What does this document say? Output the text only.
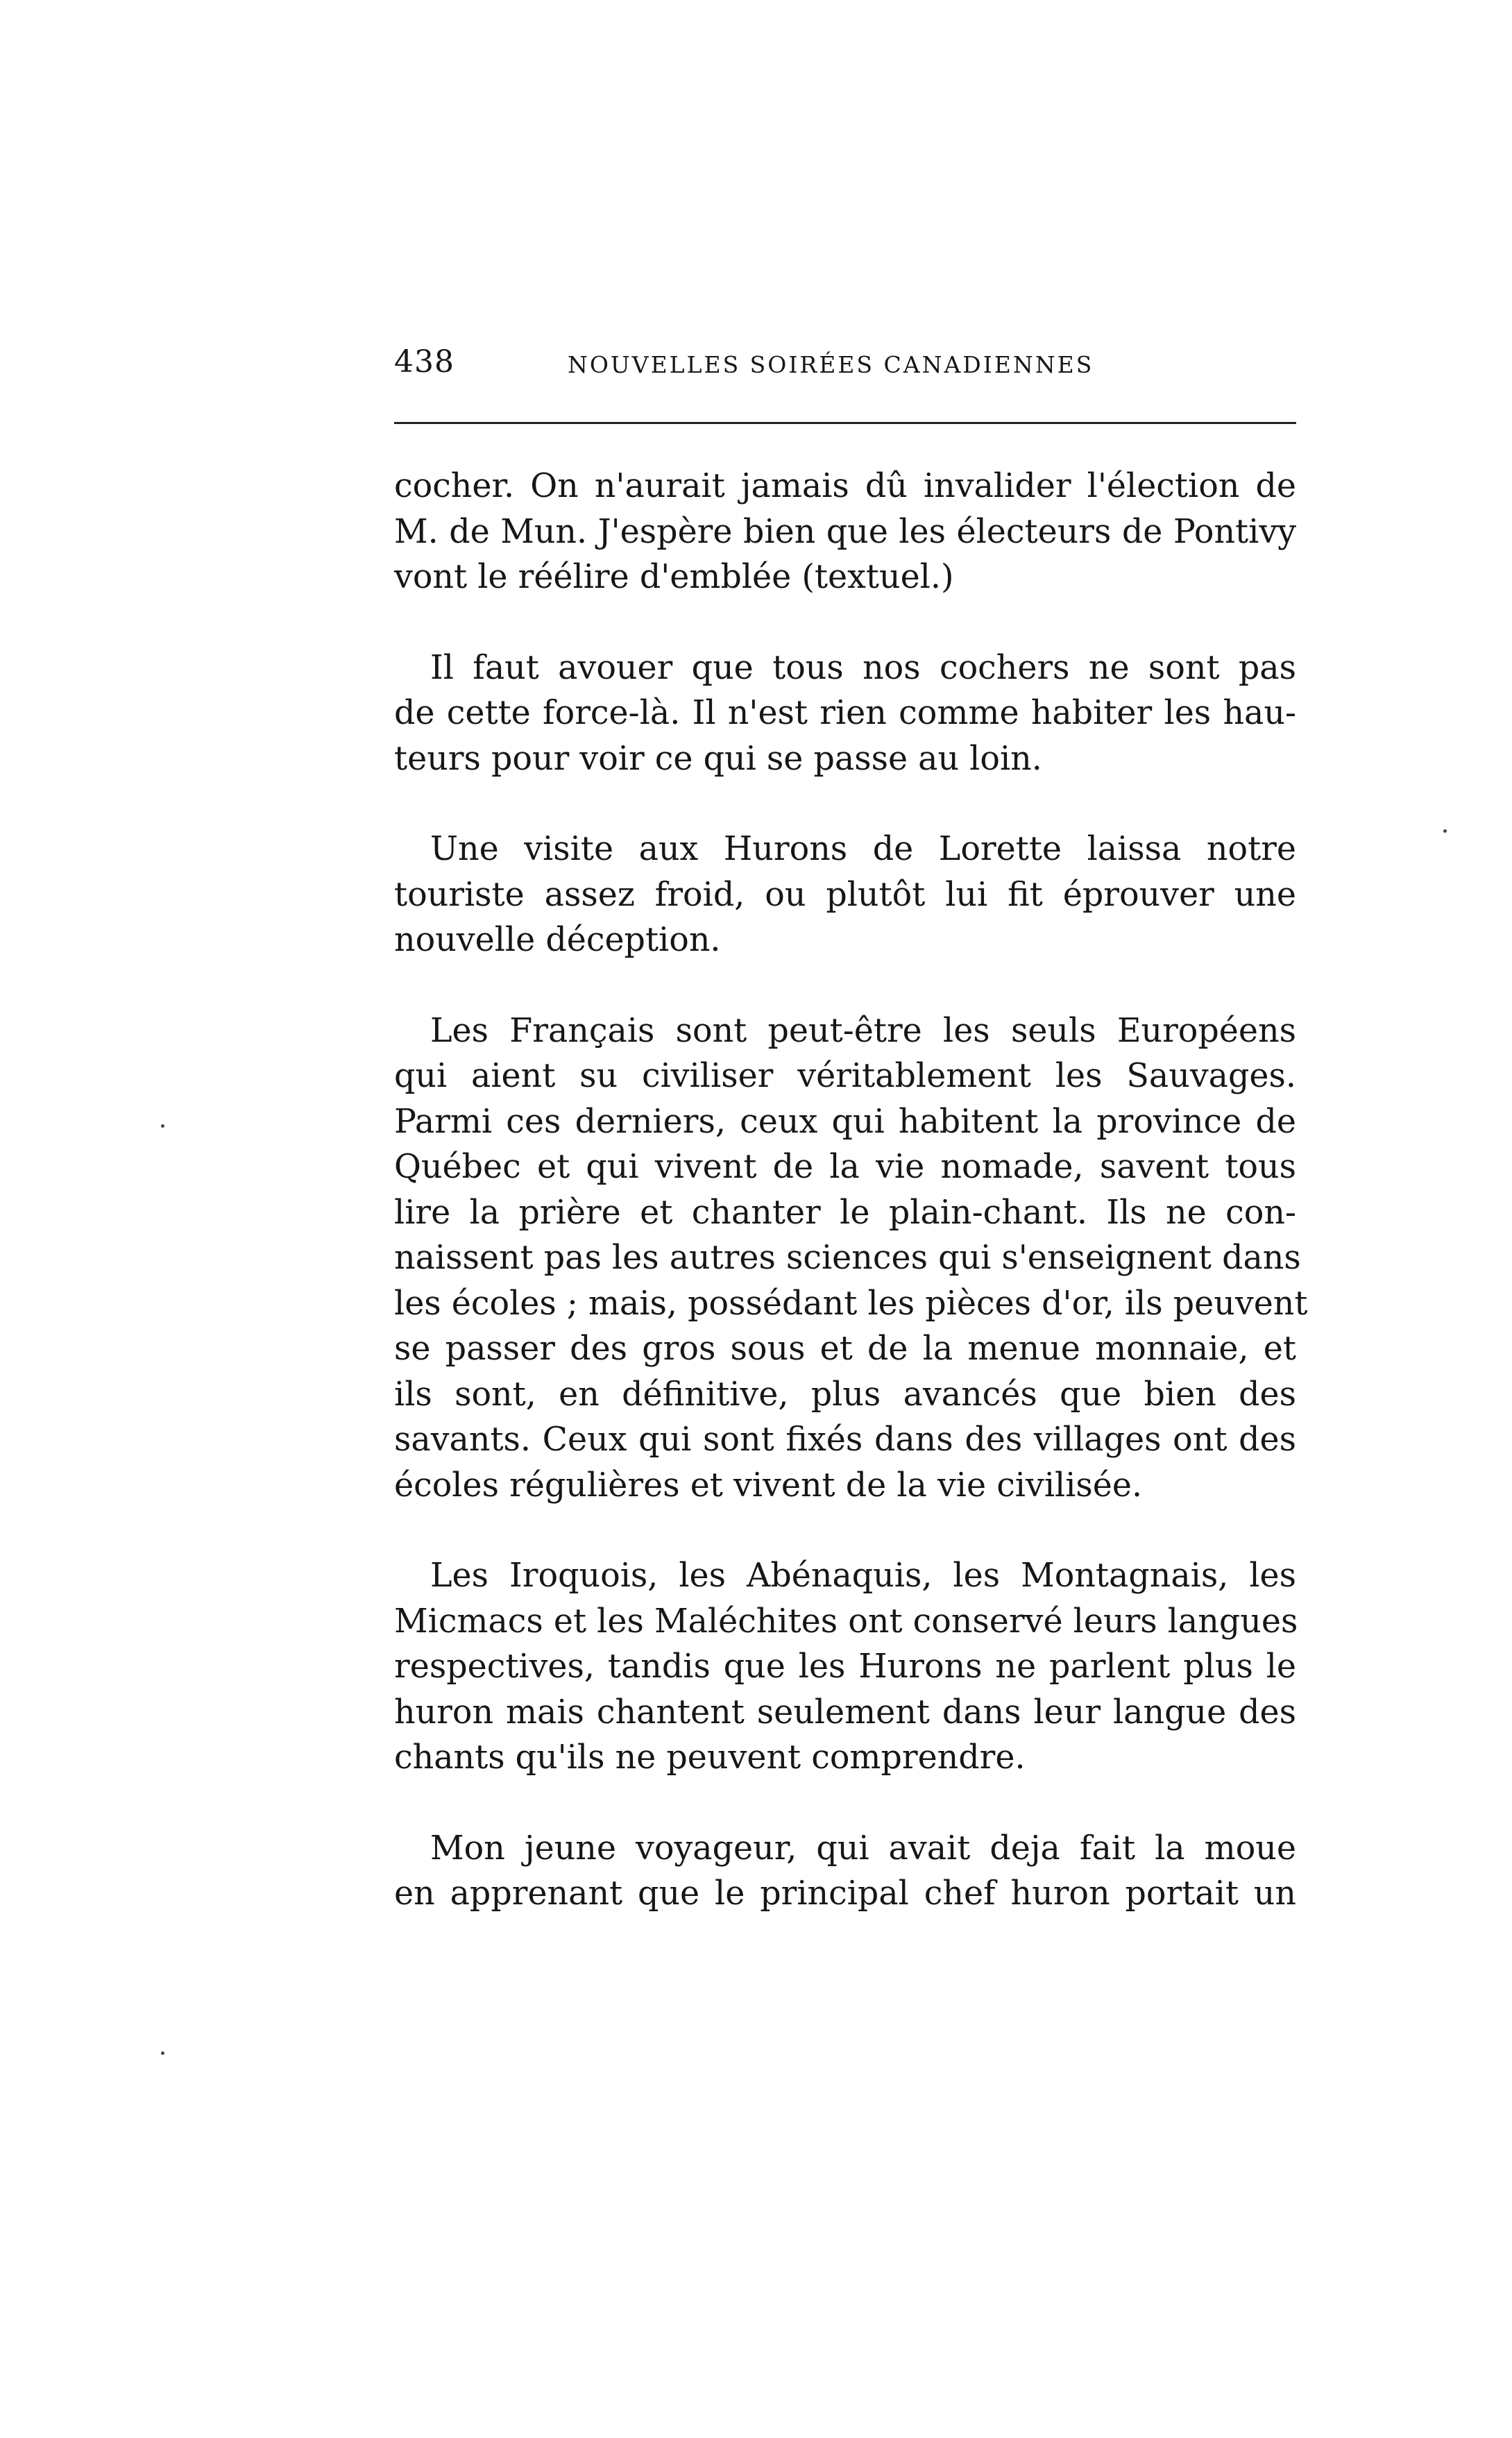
438	NOUVELLES SOIRÉES CANADIENNES

cocher. On n'aurait jamais dû invalider l'élection de
M. de Mun. J'espère bien que les électeurs de Pontivy
vont le réélire d'emblée (textuel.)

Il faut avouer que tous nos cochers ne sont pas
de cette force-là. Il n'est rien comme habiter les hau-
teurs pour voir ce qui se passe au loin.

Une visite aux Hurons de Lorette laissa notre
touriste assez froid, ou plutôt lui fit éprouver une
nouvelle déception.

Les Français sont peut-être les seuls Européens
qui aient su civiliser véritablement les Sauvages.
Parmi ces derniers, ceux qui habitent la province de
Québec et qui vivent de la vie nomade, savent tous
lire la prière et chanter le plain-chant. Ils ne con-
naissent pas les autres sciences qui s'enseignent dans
les écoles ; mais, possédant les pièces d'or, ils peuvent
se passer des gros sous et de la menue monnaie, et
ils sont, en définitive, plus avancés que bien des
savants. Ceux qui sont fixés dans des villages ont des
écoles régulières et vivent de la vie civilisée.

Les Iroquois, les Abénaquis, les Montagnais, les
Micmacs et les Maléchites ont conservé leurs langues
respectives, tandis que les Hurons ne parlent plus le
huron mais chantent seulement dans leur langue des
chants qu'ils ne peuvent comprendre.

Mon jeune voyageur, qui avait deja fait la moue
en apprenant que le principal chef huron portait un
